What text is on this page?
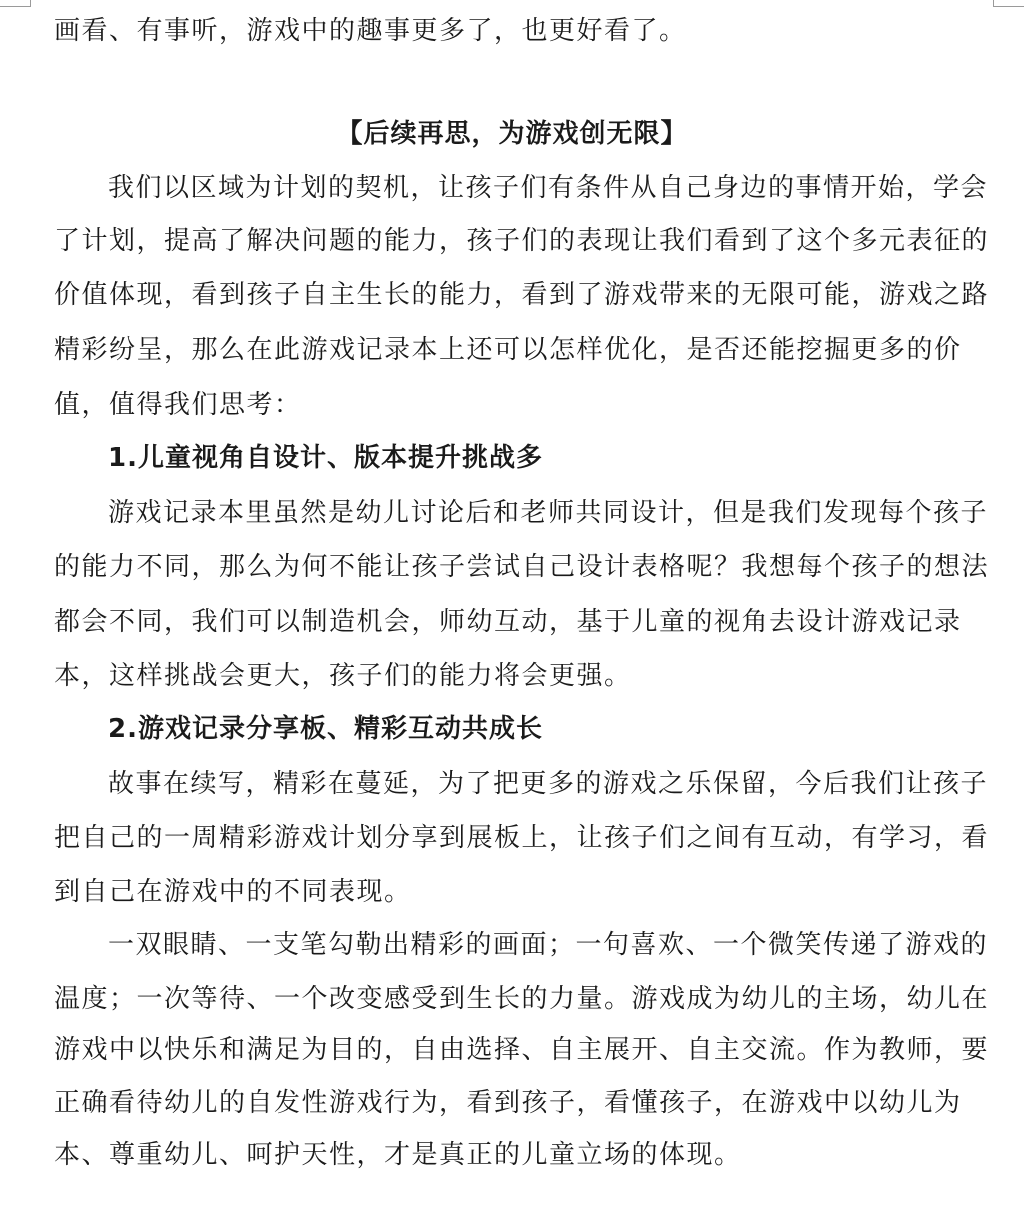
画看、有事听，游戏中的趣事更多了，也更好看了。
【后续再思，为游戏创无限】
我们以区域为计划的契机，让孩子们有条件从自己身边的事情开始，学会
了计划，提高了解决问题的能力，孩子们的表现让我们看到了这个多元表征的
价值体现，看到孩子自主生长的能力，看到了游戏带来的无限可能，游戏之路
精彩纷呈，那么在此游戏记录本上还可以怎样优化，是否还能挖掘更多的价
值，值得我们思考：
1.儿童视角自设计、版本提升挑战多
游戏记录本里虽然是幼儿讨论后和老师共同设计，但是我们发现每个孩子
的能力不同，那么为何不能让孩子尝试自己设计表格呢？我想每个孩子的想法
都会不同，我们可以制造机会，师幼互动，基于儿童的视角去设计游戏记录
本，这样挑战会更大，孩子们的能力将会更强。
2.游戏记录分享板、精彩互动共成长
故事在续写，精彩在蔓延，为了把更多的游戏之乐保留，今后我们让孩子
把自己的一周精彩游戏计划分享到展板上，让孩子们之间有互动，有学习，看
到自己在游戏中的不同表现。
一双眼睛、一支笔勾勒出精彩的画面；一句喜欢、一个微笑传递了游戏的
温度；一次等待、一个改变感受到生长的力量。游戏成为幼儿的主场，幼儿在
游戏中以快乐和满足为目的，自由选择、自主展开、自主交流。作为教师，要
正确看待幼儿的自发性游戏行为，看到孩子，看懂孩子，在游戏中以幼儿为
本、尊重幼儿、呵护天性，才是真正的儿童立场的体现。
